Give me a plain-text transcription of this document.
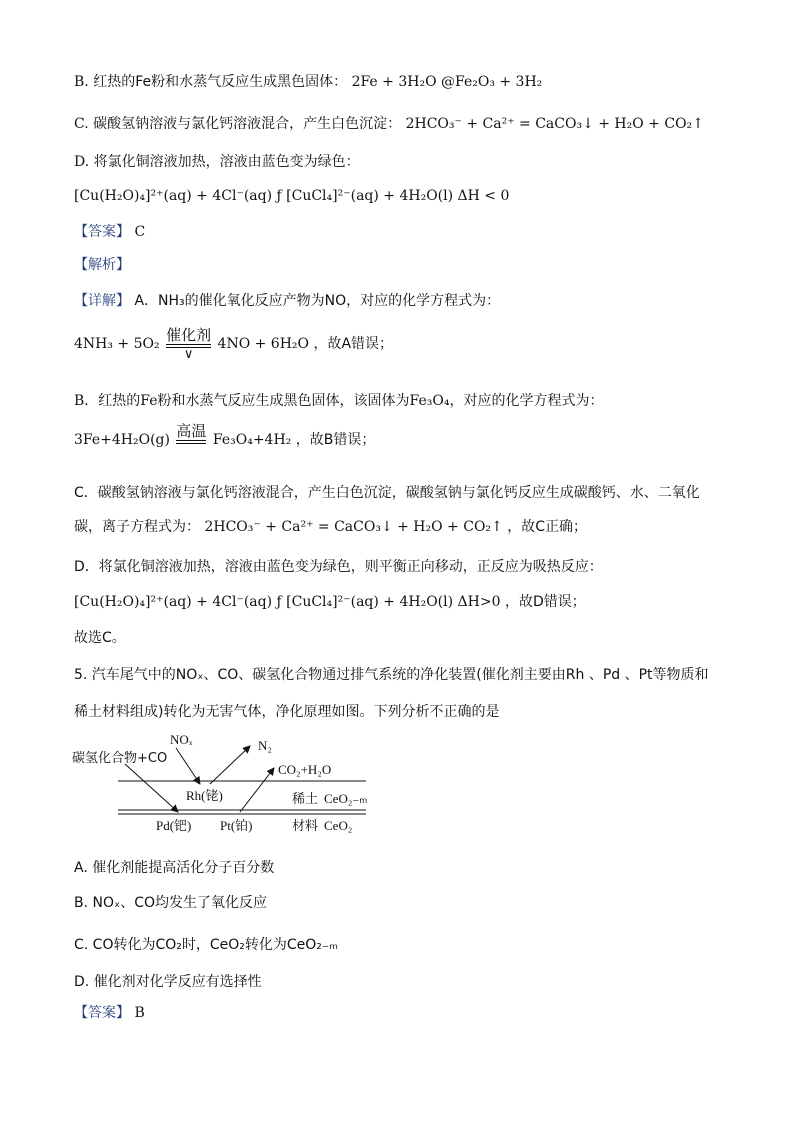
B. 红热的Fe粉和水蒸气反应生成黑色固体： 2Fe + 3H₂O @Fe₂O₃ + 3H₂
C. 碳酸氢钠溶液与氯化钙溶液混合，产生白色沉淀： 2HCO₃⁻ + Ca²⁺ = CaCO₃↓ + H₂O + CO₂↑
D. 将氯化铜溶液加热，溶液由蓝色变为绿色：
[Cu(H₂O)₄]²⁺(aq) + 4Cl⁻(aq) ƒ [CuCl₄]²⁻(aq) + 4H₂O(l) ΔH < 0
【答案】 C
【解析】
【详解】 A．NH₃的催化氧化反应产物为NO，对应的化学方程式为：
4NH₃ + 5O₂ 催化剂
∨
4NO + 6H₂O ，故A错误；
B．红热的Fe粉和水蒸气反应生成黑色固体，该固体为Fe₃O₄，对应的化学方程式为：
3Fe+4H₂O(g) 高温
Fe₃O₄+4H₂ ，故B错误；
C．碳酸氢钠溶液与氯化钙溶液混合，产生白色沉淀，碳酸氢钠与氯化钙反应生成碳酸钙、水、二氧化
碳，离子方程式为： 2HCO₃⁻ + Ca²⁺ = CaCO₃↓ + H₂O + CO₂↑ ，故C正确；
D．将氯化铜溶液加热，溶液由蓝色变为绿色，则平衡正向移动，正反应为吸热反应：
[Cu(H₂O)₄]²⁺(aq) + 4Cl⁻(aq) ƒ [CuCl₄]²⁻(aq) + 4H₂O(l) ΔH>0 ，故D错误；
故选C。
5. 汽车尾气中的NOₓ、CO、碳氢化合物通过排气系统的净化装置(催化剂主要由Rh 、Pd 、Pt等物质和
稀土材料组成)转化为无害气体，净化原理如图。下列分析不正确的是
碳氢化合物+CO
NOₓ	N₂
CO₂+H₂O
Rh(铑)	稀土 CeO₂₋ₘ
Pd(钯) Pt(铂)	材料 CeO₂
A. 催化剂能提高活化分子百分数
B. NOₓ、CO均发生了氧化反应
C. CO转化为CO₂时，CeO₂转化为CeO₂₋ₘ
D. 催化剂对化学反应有选择性
【答案】 B
